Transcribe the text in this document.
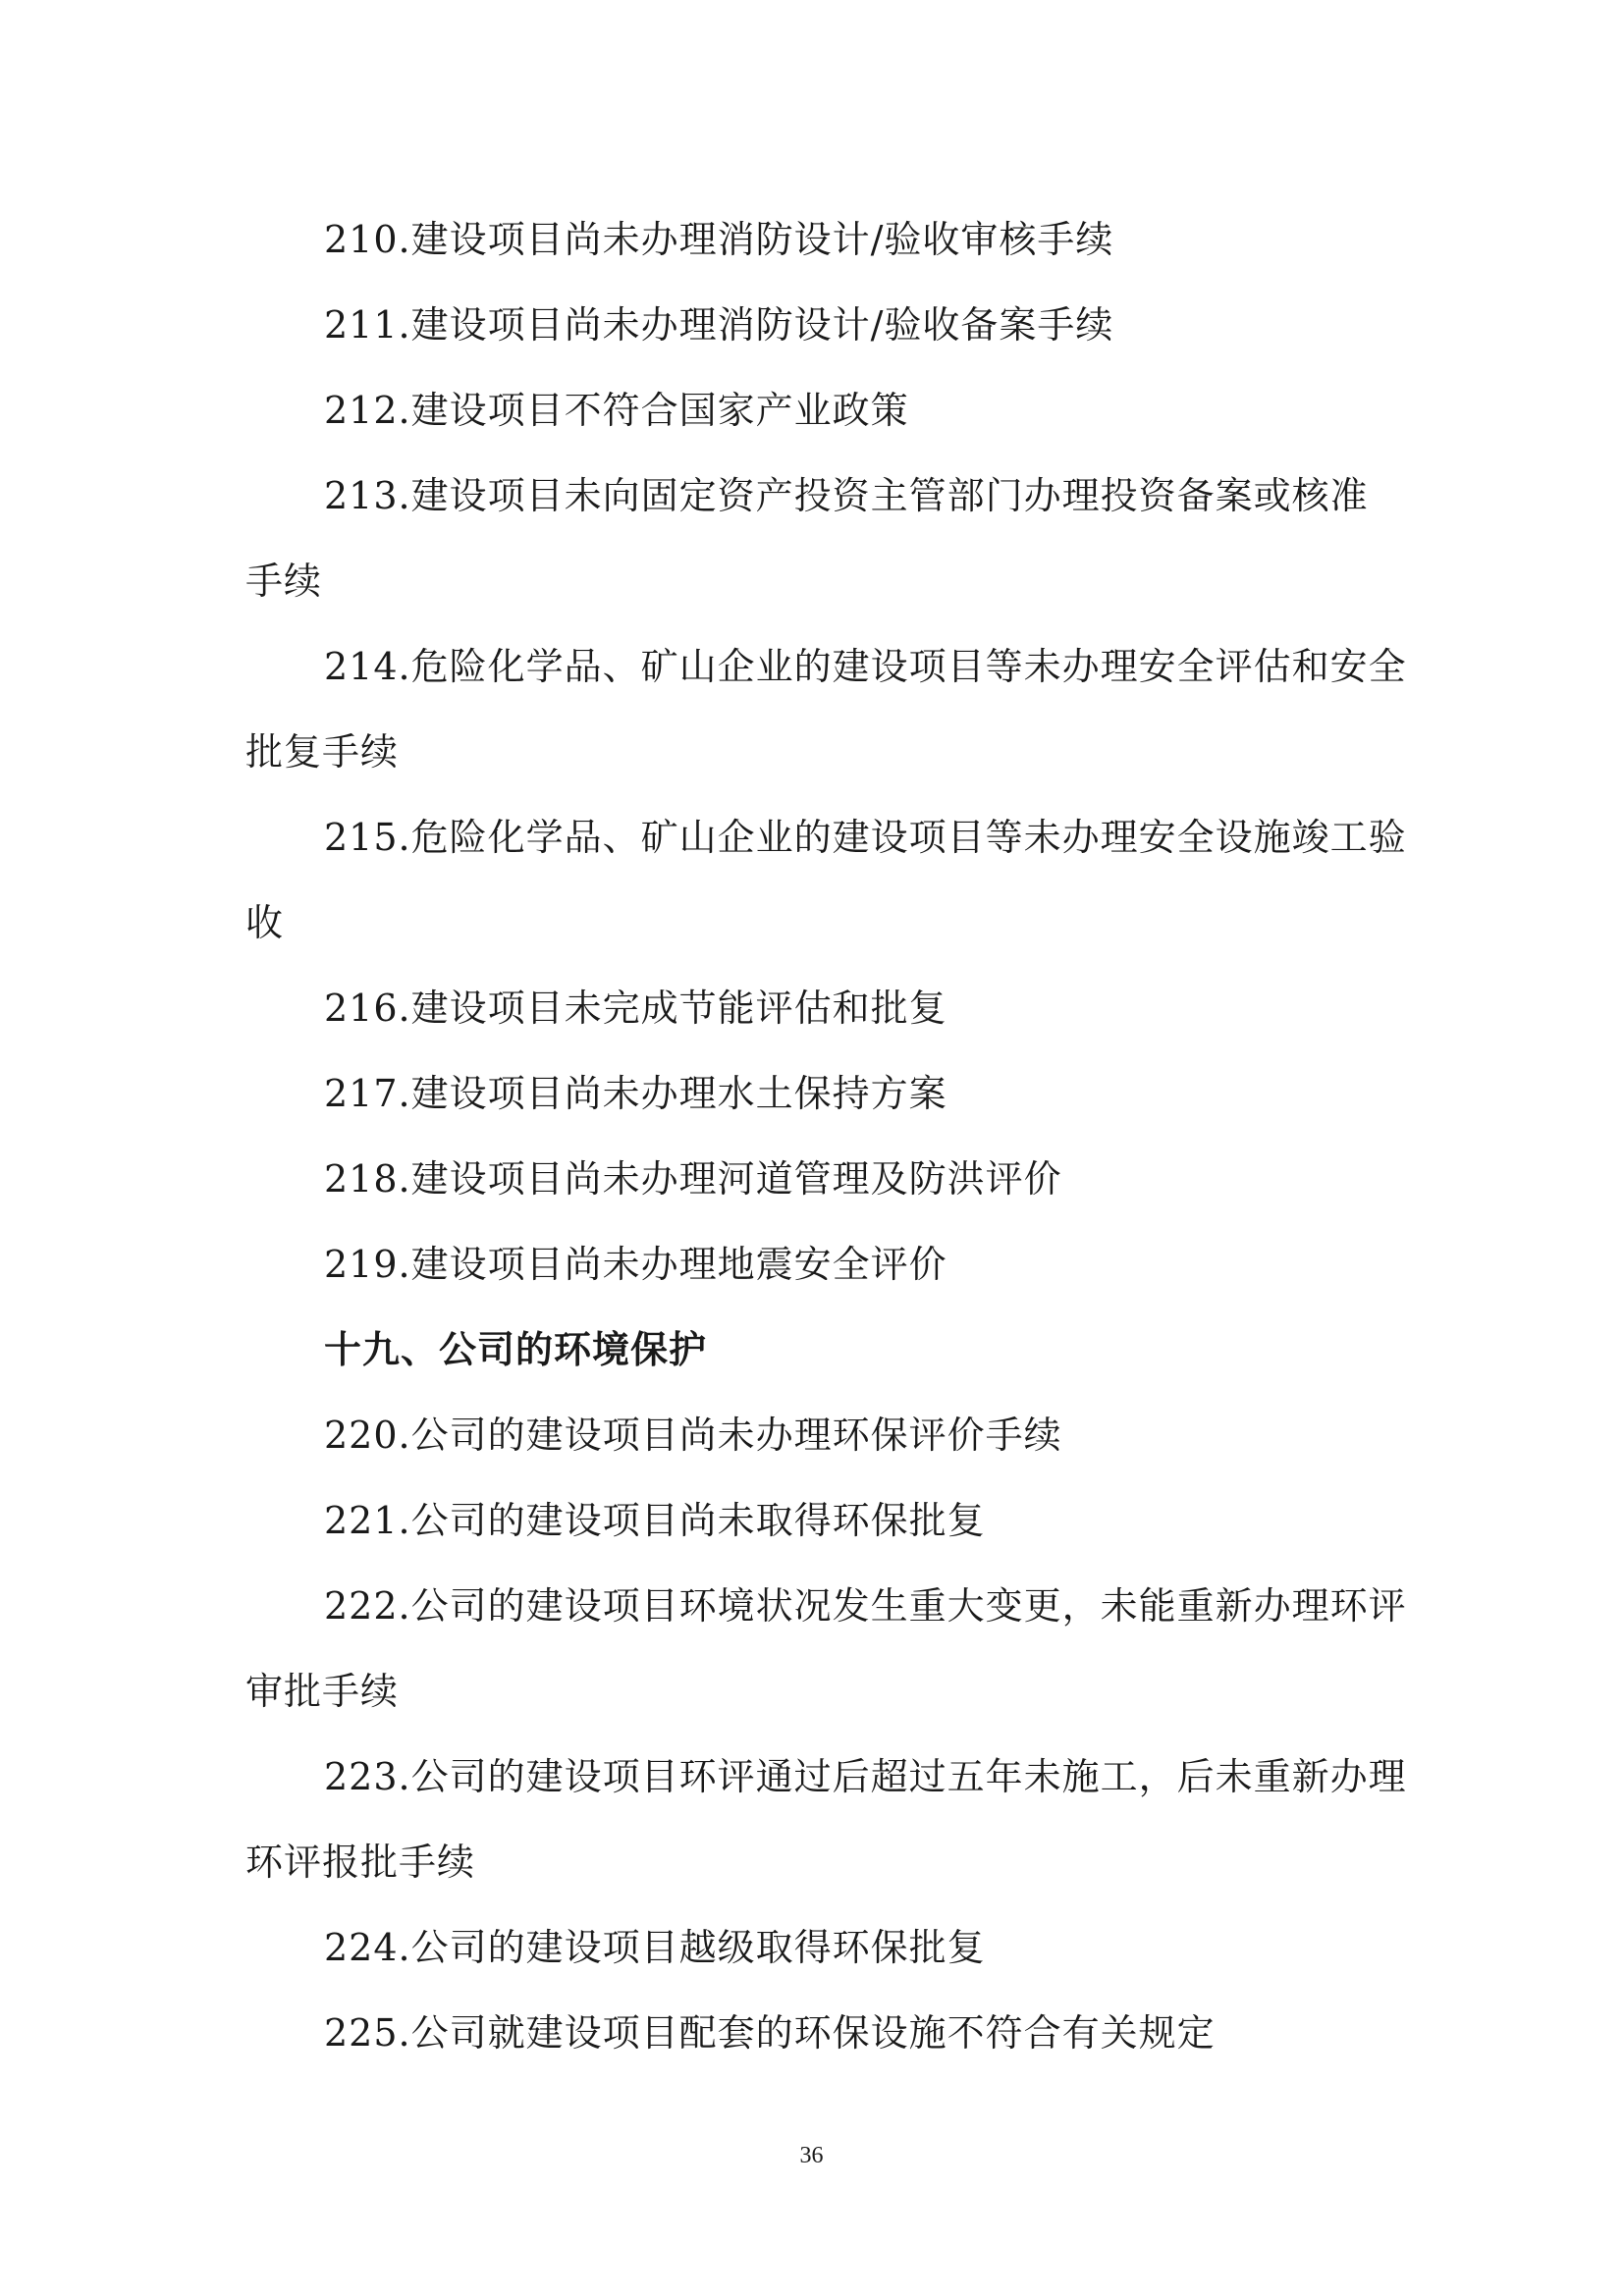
210.建设项目尚未办理消防设计/验收审核手续
211.建设项目尚未办理消防设计/验收备案手续
212.建设项目不符合国家产业政策
213.建设项目未向固定资产投资主管部门办理投资备案或核准
手续
214.危险化学品、矿山企业的建设项目等未办理安全评估和安全
批复手续
215.危险化学品、矿山企业的建设项目等未办理安全设施竣工验
收
216.建设项目未完成节能评估和批复
217.建设项目尚未办理水土保持方案
218.建设项目尚未办理河道管理及防洪评价
219.建设项目尚未办理地震安全评价
十九、公司的环境保护
220.公司的建设项目尚未办理环保评价手续
221.公司的建设项目尚未取得环保批复
222.公司的建设项目环境状况发生重大变更，未能重新办理环评
审批手续
223.公司的建设项目环评通过后超过五年未施工，后未重新办理
环评报批手续
224.公司的建设项目越级取得环保批复
225.公司就建设项目配套的环保设施不符合有关规定
36
